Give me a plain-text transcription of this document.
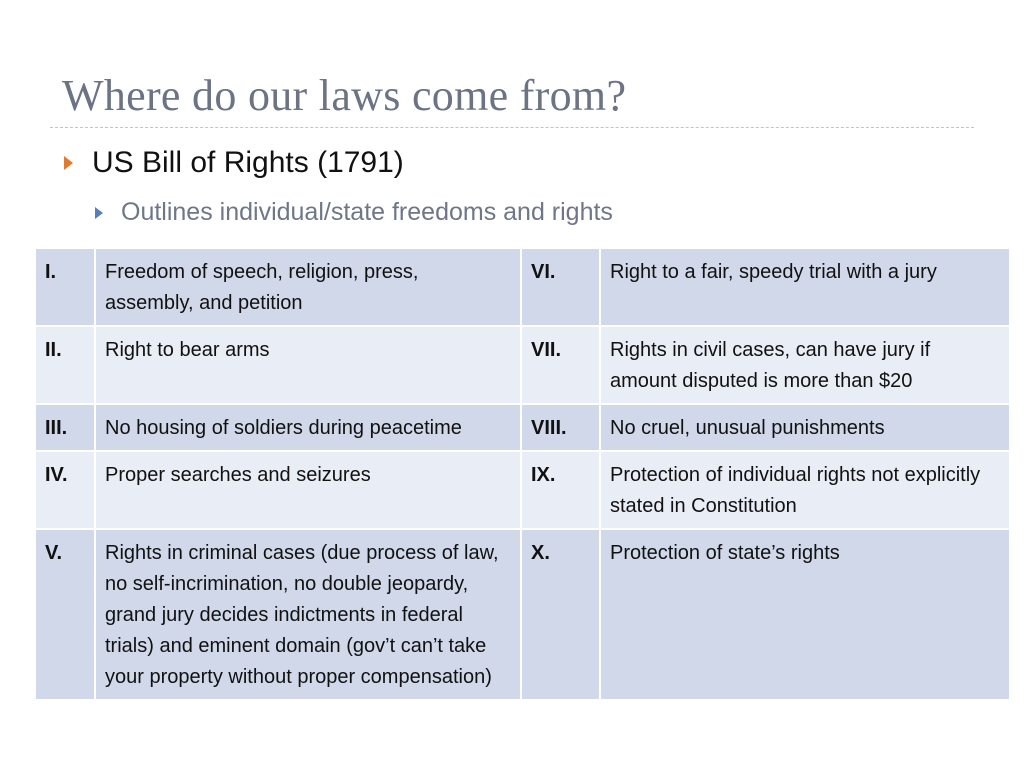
Where do our laws come from?
US Bill of Rights (1791)
Outlines individual/state freedoms and rights
I.	Freedom of speech, religion, press, assembly, and petition	VI.	Right to a fair, speedy trial with a jury
II.	Right to bear arms	VII.	Rights in civil cases, can have jury if amount disputed is more than $20
III.	No housing of soldiers during peacetime	VIII.	No cruel, unusual punishments
IV.	Proper searches and seizures	IX.	Protection of individual rights not explicitly stated in Constitution
V.	Rights in criminal cases (due process of law, no self-incrimination, no double jeopardy, grand jury decides indictments in federal trials) and eminent domain (gov’t can’t take your property without proper compensation)	X.	Protection of state’s rights
